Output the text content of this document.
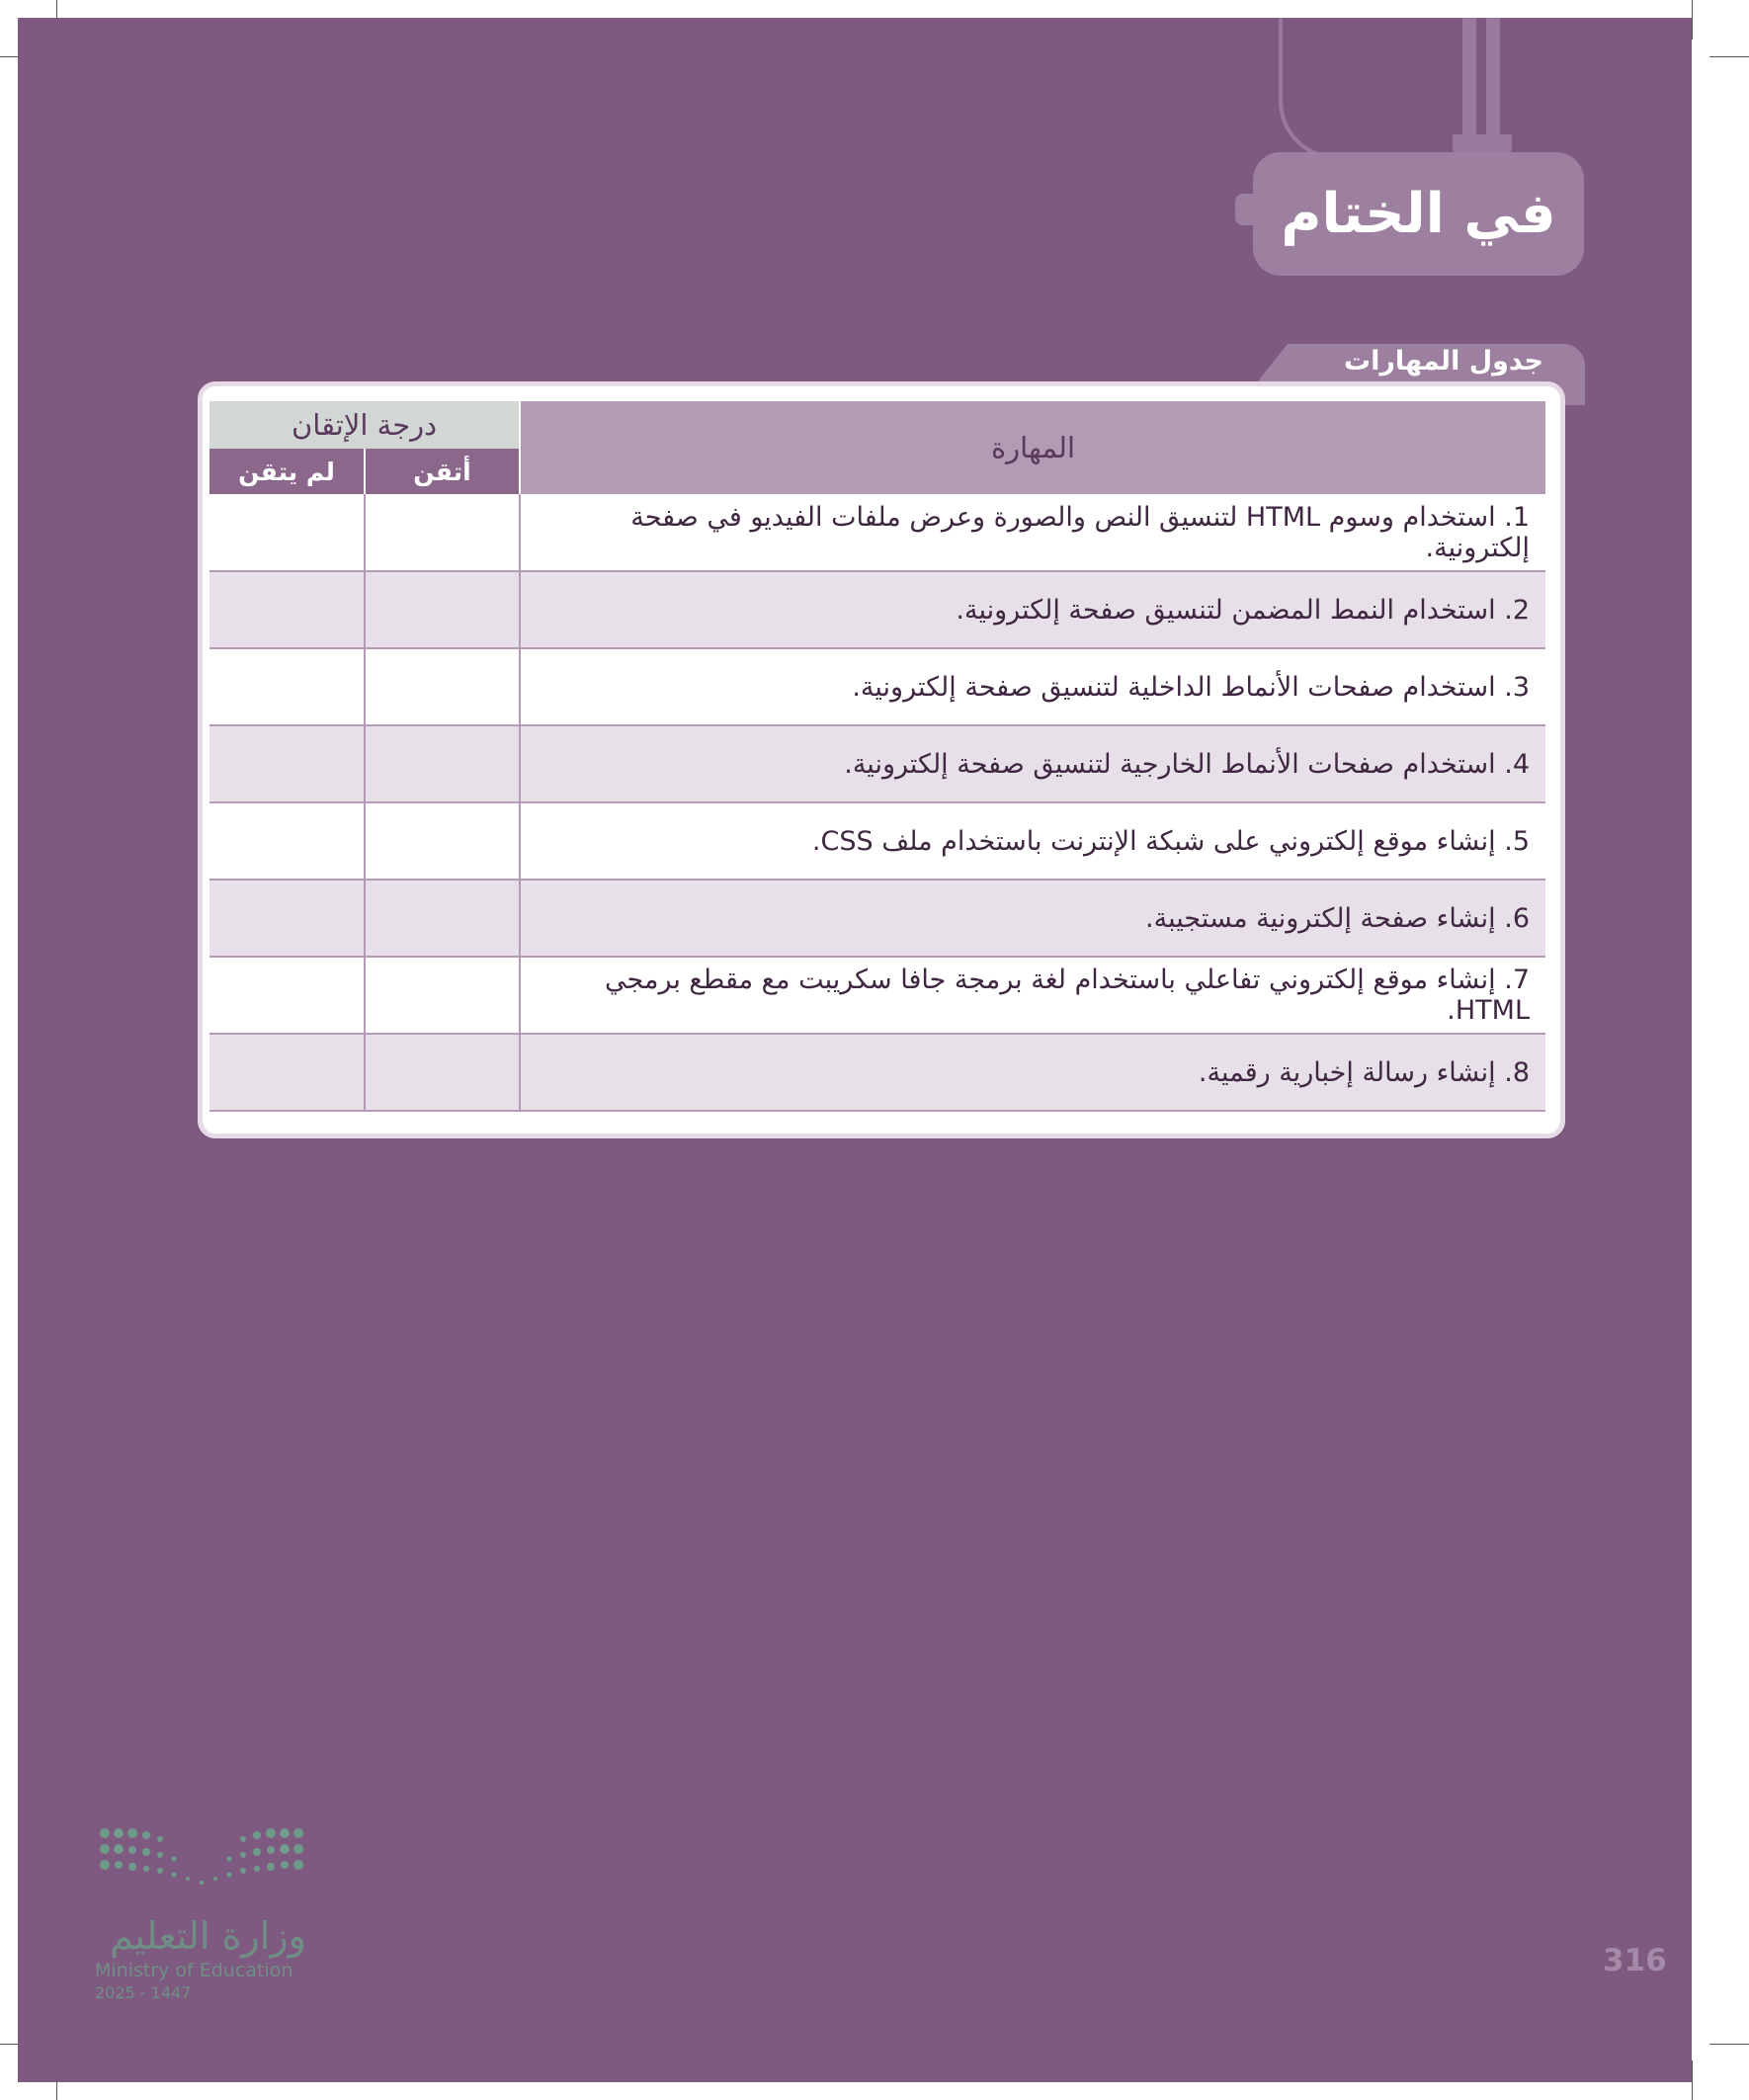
في الختام
جدول المهارات
المهارة	درجة الإتقان	
	أتقن	لم يتقن
1. استخدام وسوم HTML لتنسيق النص والصورة وعرض ملفات الفيديو في صفحة إلكترونية.		
2. استخدام النمط المضمن لتنسيق صفحة إلكترونية.		
3. استخدام صفحات الأنماط الداخلية لتنسيق صفحة إلكترونية.		
4. استخدام صفحات الأنماط الخارجية لتنسيق صفحة إلكترونية.		
5. إنشاء موقع إلكتروني على شبكة الإنترنت باستخدام ملف CSS.		
6. إنشاء صفحة إلكترونية مستجيبة.		
7. إنشاء موقع إلكتروني تفاعلي باستخدام لغة برمجة جافا سكريبت مع مقطع برمجي HTML.		
8. إنشاء رسالة إخبارية رقمية.		
وزارة التعليم
Ministry of Education
2025 - 1447
316
